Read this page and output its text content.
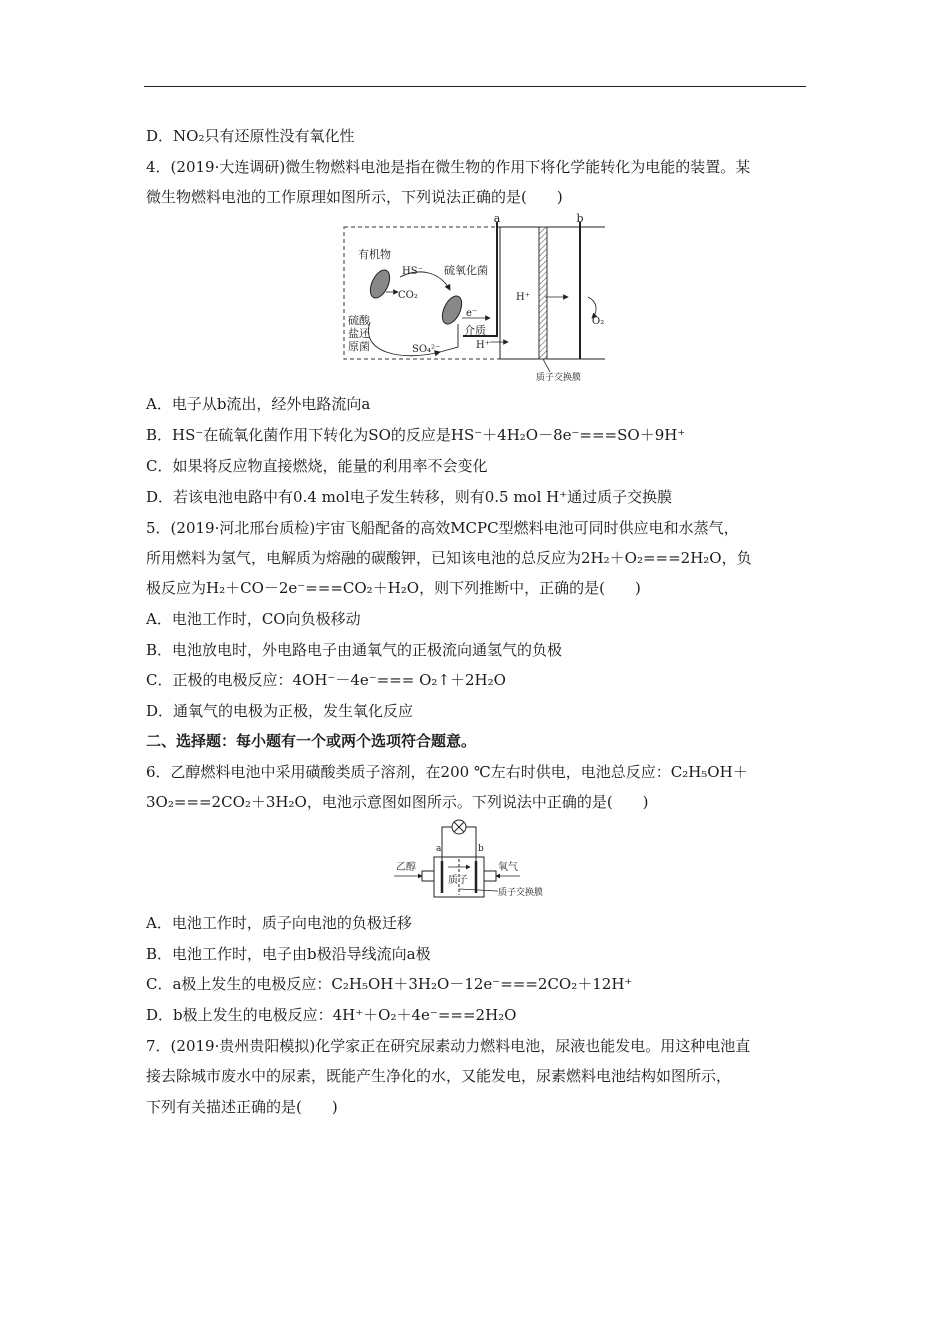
D．NO₂只有还原性没有氧化性
4．(2019·大连调研)微生物燃料电池是指在微生物的作用下将化学能转化为电能的装置。某
微生物燃料电池的工作原理如图所示，下列说法正确的是(　　)
a	b
有机物
HS⁻
CO₂
硫氧化菌
硫酸
盐还
原菌	SO₄²⁻
e⁻
介质
H⁺
H⁺
O₂
质子交换膜
A．电子从b流出，经外电路流向a
B．HS⁻在硫氧化菌作用下转化为SO的反应是HS⁻＋4H₂O－8e⁻===SO＋9H⁺
C．如果将反应物直接燃烧，能量的利用率不会变化
D．若该电池电路中有0.4 mol电子发生转移，则有0.5 mol H⁺通过质子交换膜
5．(2019·河北邢台质检)宇宙飞船配备的高效MCPC型燃料电池可同时供应电和水蒸气，
所用燃料为氢气，电解质为熔融的碳酸钾，已知该电池的总反应为2H₂＋O₂===2H₂O，负
极反应为H₂＋CO－2e⁻===CO₂＋H₂O，则下列推断中，正确的是(　　)
A．电池工作时，CO向负极移动
B．电池放电时，外电路电子由通氧气的正极流向通氢气的负极
C．正极的电极反应：4OH⁻－4e⁻=== O₂↑＋2H₂O
D．通氧气的电极为正极，发生氧化反应
二、选择题：每小题有一个或两个选项符合题意。
6．乙醇燃料电池中采用磺酸类质子溶剂，在200 ℃左右时供电，电池总反应：C₂H₅OH＋
3O₂===2CO₂＋3H₂O，电池示意图如图所示。下列说法中正确的是(　　)
a	b
乙醇	氧气
质子
质子交换膜
A．电池工作时，质子向电池的负极迁移
B．电池工作时，电子由b极沿导线流向a极
C．a极上发生的电极反应：C₂H₅OH＋3H₂O－12e⁻===2CO₂＋12H⁺
D．b极上发生的电极反应：4H⁺＋O₂＋4e⁻===2H₂O
7．(2019·贵州贵阳模拟)化学家正在研究尿素动力燃料电池，尿液也能发电。用这种电池直
接去除城市废水中的尿素，既能产生净化的水，又能发电，尿素燃料电池结构如图所示，
下列有关描述正确的是(　　)
